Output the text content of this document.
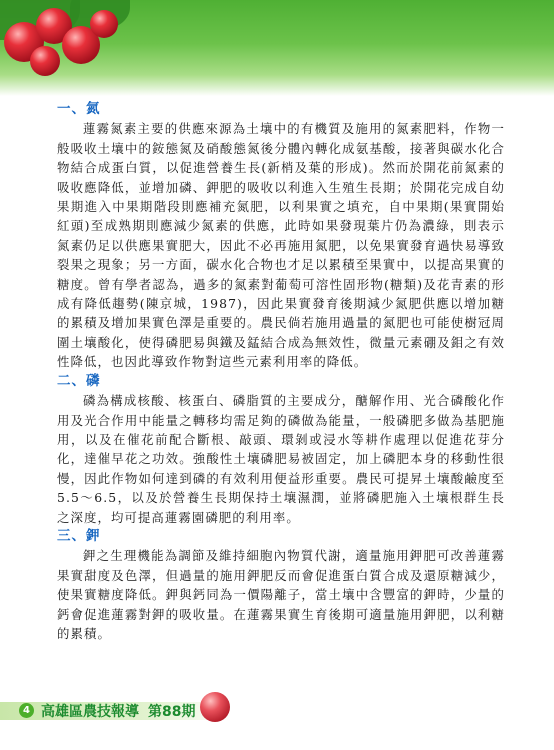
一、氮

蓮霧氮素主要的供應來源為土壤中的有機質及施用的氮素肥料，作物一般吸收土壤中的銨態氮及硝酸態氮後分體內轉化成氨基酸，接著與碳水化合物結合成蛋白質，以促進營養生長(新梢及葉的形成)。然而於開花前氮素的吸收應降低，並增加磷、鉀肥的吸收以利進入生殖生長期；於開花完成自幼果期進入中果期階段則應補充氮肥，以利果實之填充，自中果期(果實開始紅頭)至成熟期則應減少氮素的供應，此時如果發現葉片仍為濃綠，則表示氮素仍足以供應果實肥大，因此不必再施用氮肥，以免果實發育過快易導致裂果之現象；另一方面，碳水化合物也才足以累積至果實中，以提高果實的糖度。曾有學者認為，過多的氮素對葡萄可溶性固形物(糖類)及花青素的形成有降低趨勢(陳京城，1987)，因此果實發育後期減少氮肥供應以增加糖的累積及增加果實色澤是重要的。農民倘若施用過量的氮肥也可能使樹冠周圍土壤酸化，使得磷肥易與鐵及錳結合成為無效性，微量元素硼及鉬之有效性降低，也因此導致作物對這些元素利用率的降低。

二、磷

磷為構成核酸、核蛋白、磷脂質的主要成分，醣解作用、光合磷酸化作用及光合作用中能量之轉移均需足夠的磷做為能量，一般磷肥多做為基肥施用，以及在催花前配合斷根、敲頭、環剝或浸水等耕作處理以促進花芽分化，達催早花之功效。強酸性土壤磷肥易被固定，加上磷肥本身的移動性很慢，因此作物如何達到磷的有效利用便益形重要。農民可提昇土壤酸鹼度至5.5～6.5，以及於營養生長期保持土壤濕潤，並將磷肥施入土壤根群生長之深度，均可提高蓮霧園磷肥的利用率。

三、鉀

鉀之生理機能為調節及維持細胞內物質代謝，適量施用鉀肥可改善蓮霧果實甜度及色澤，但過量的施用鉀肥反而會促進蛋白質合成及還原糖減少，使果實糖度降低。鉀與鈣同為一價陽離子，當土壤中含豐富的鉀時，少量的鈣會促進蓮霧對鉀的吸收量。在蓮霧果實生育後期可適量施用鉀肥，以利糖的累積。

4 高雄區農技報導 第88期
